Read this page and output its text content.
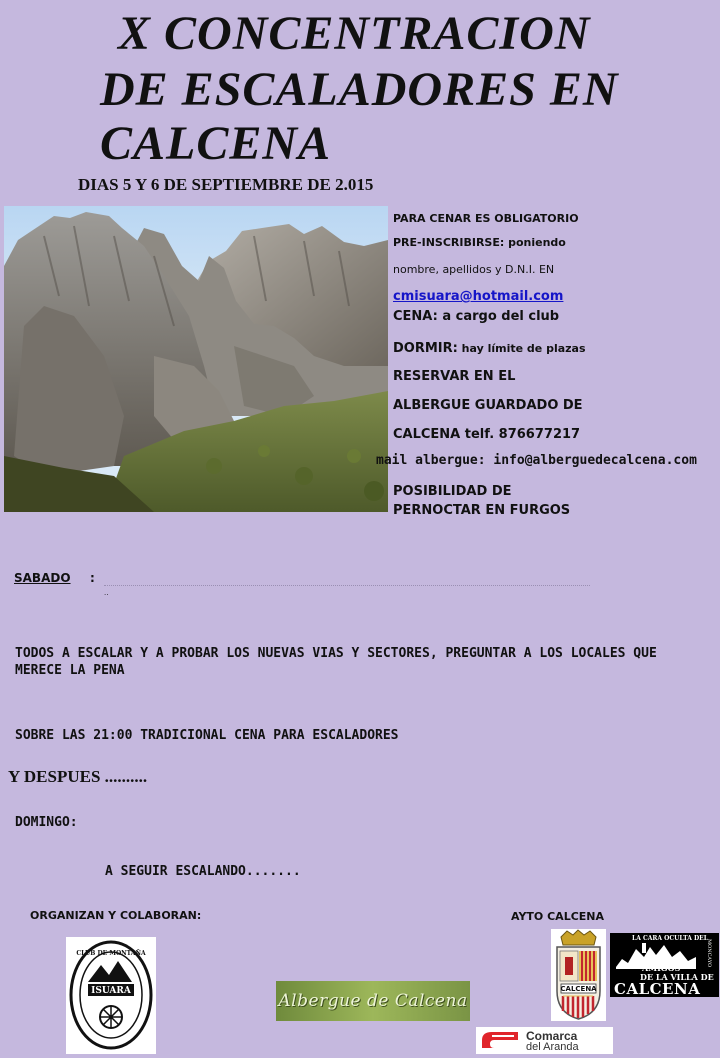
X CONCENTRACION
DE ESCALADORES EN
CALCENA
DIAS 5 Y 6 DE SEPTIEMBRE DE 2.015
PARA CENAR ES OBLIGATORIO
PRE-INSCRIBIRSE: poniendo
nombre, apellidos y D.N.I. EN
cmisuara@hotmail.com
CENA: a cargo del club
DORMIR: hay límite de plazas
RESERVAR EN EL
ALBERGUE GUARDADO DE
CALCENA telf. 876677217
mail albergue: info@alberguedecalcena.com
POSIBILIDAD DE
PERNOCTAR EN FURGOS
SABADO :
..
TODOS A ESCALAR Y A PROBAR LOS NUEVAS VIAS Y SECTORES, PREGUNTAR A LOS LOCALES QUE MERECE LA PENA
SOBRE LAS 21:00 TRADICIONAL CENA PARA ESCALADORES
Y DESPUES ..........
DOMINGO:
A SEGUIR ESCALANDO.......
ORGANIZAN Y COLABORAN:	AYTO CALCENA
ISUARA
CLUB DE MONTAÑA
Albergue de Calcena
CALCENA
LA CARA OCULTA DEL
MONCAYO
AMIGOS
DE LA VILLA DE
CALCENA
Comarca
del Aranda
